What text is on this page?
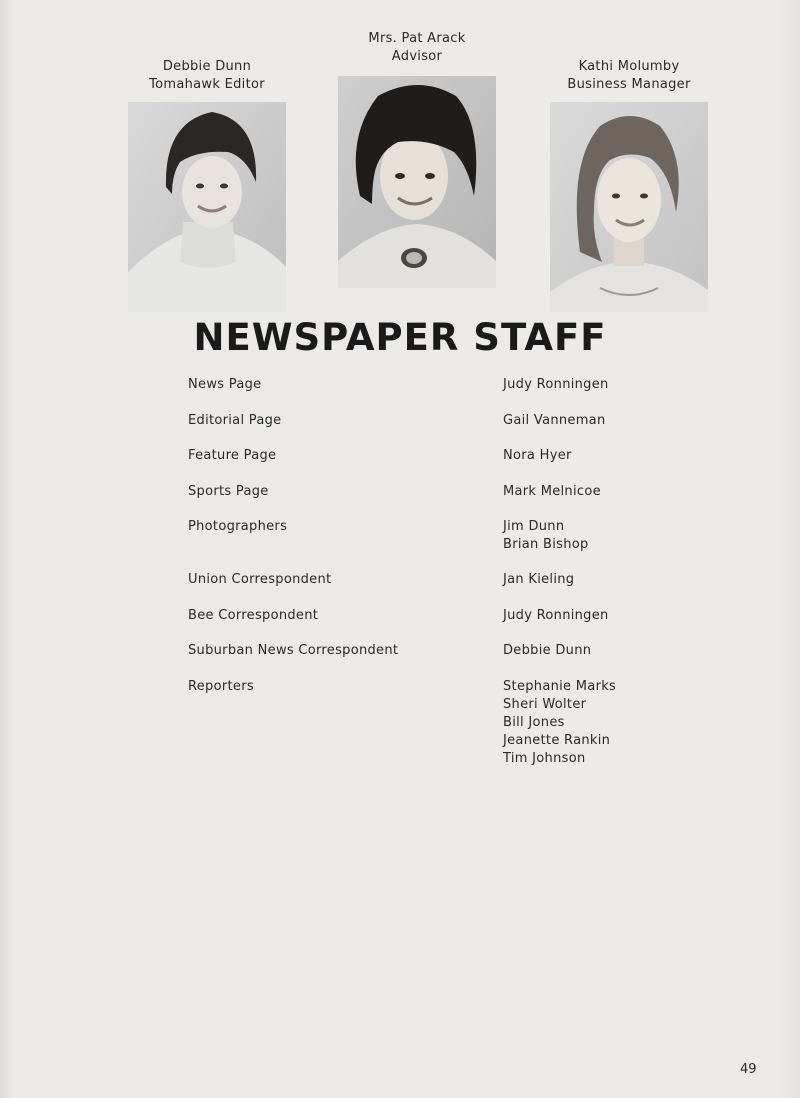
Debbie Dunn
Tomahawk Editor
Mrs. Pat Arack
Advisor
Kathi Molumby
Business Manager
NEWSPAPER STAFF
News Page	Judy Ronningen
Editorial Page	Gail Vanneman
Feature Page	Nora Hyer
Sports Page	Mark Melnicoe
Photographers	Jim Dunn
Brian Bishop
Union Correspondent	Jan Kieling
Bee Correspondent	Judy Ronningen
Suburban News Correspondent	Debbie Dunn
Reporters	Stephanie Marks
Sheri Wolter
Bill Jones
Jeanette Rankin
Tim Johnson
49
